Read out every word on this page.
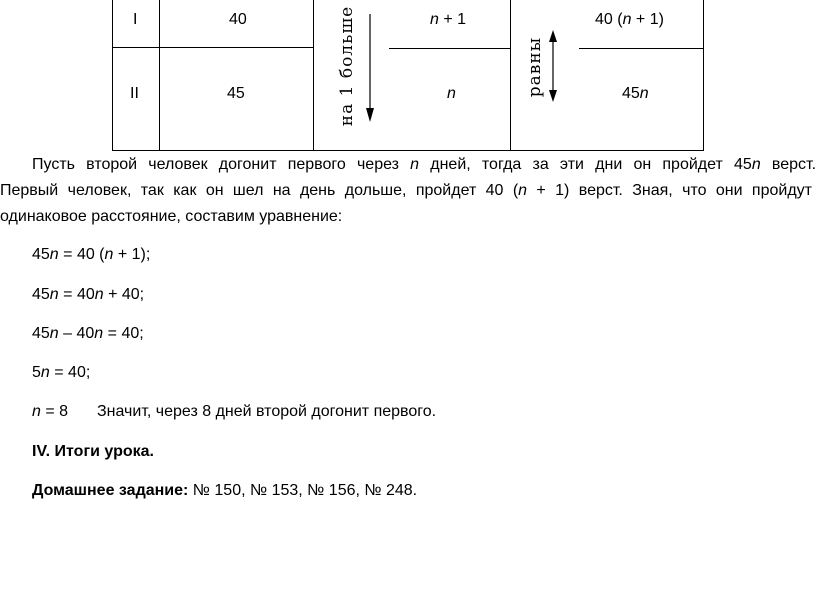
I	40	n + 1	40 (n + 1)
II	45	n	45n
на 1 больше	равны
Пусть второй человек догонит первого через n дней, тогда за эти дни он пройдет 45n верст.
Первый человек, так как он шел на день дольше, пройдет 40 (n + 1) верст. Зная, что они пройдут
одинаковое расстояние, составим уравнение:
45n = 40 (n + 1);
45n = 40n + 40;
45n – 40n = 40;
5n = 40;
n = 8 Значит, через 8 дней второй догонит первого.
IV. Итоги урока.
Домашнее задание: № 150, № 153, № 156, № 248.
